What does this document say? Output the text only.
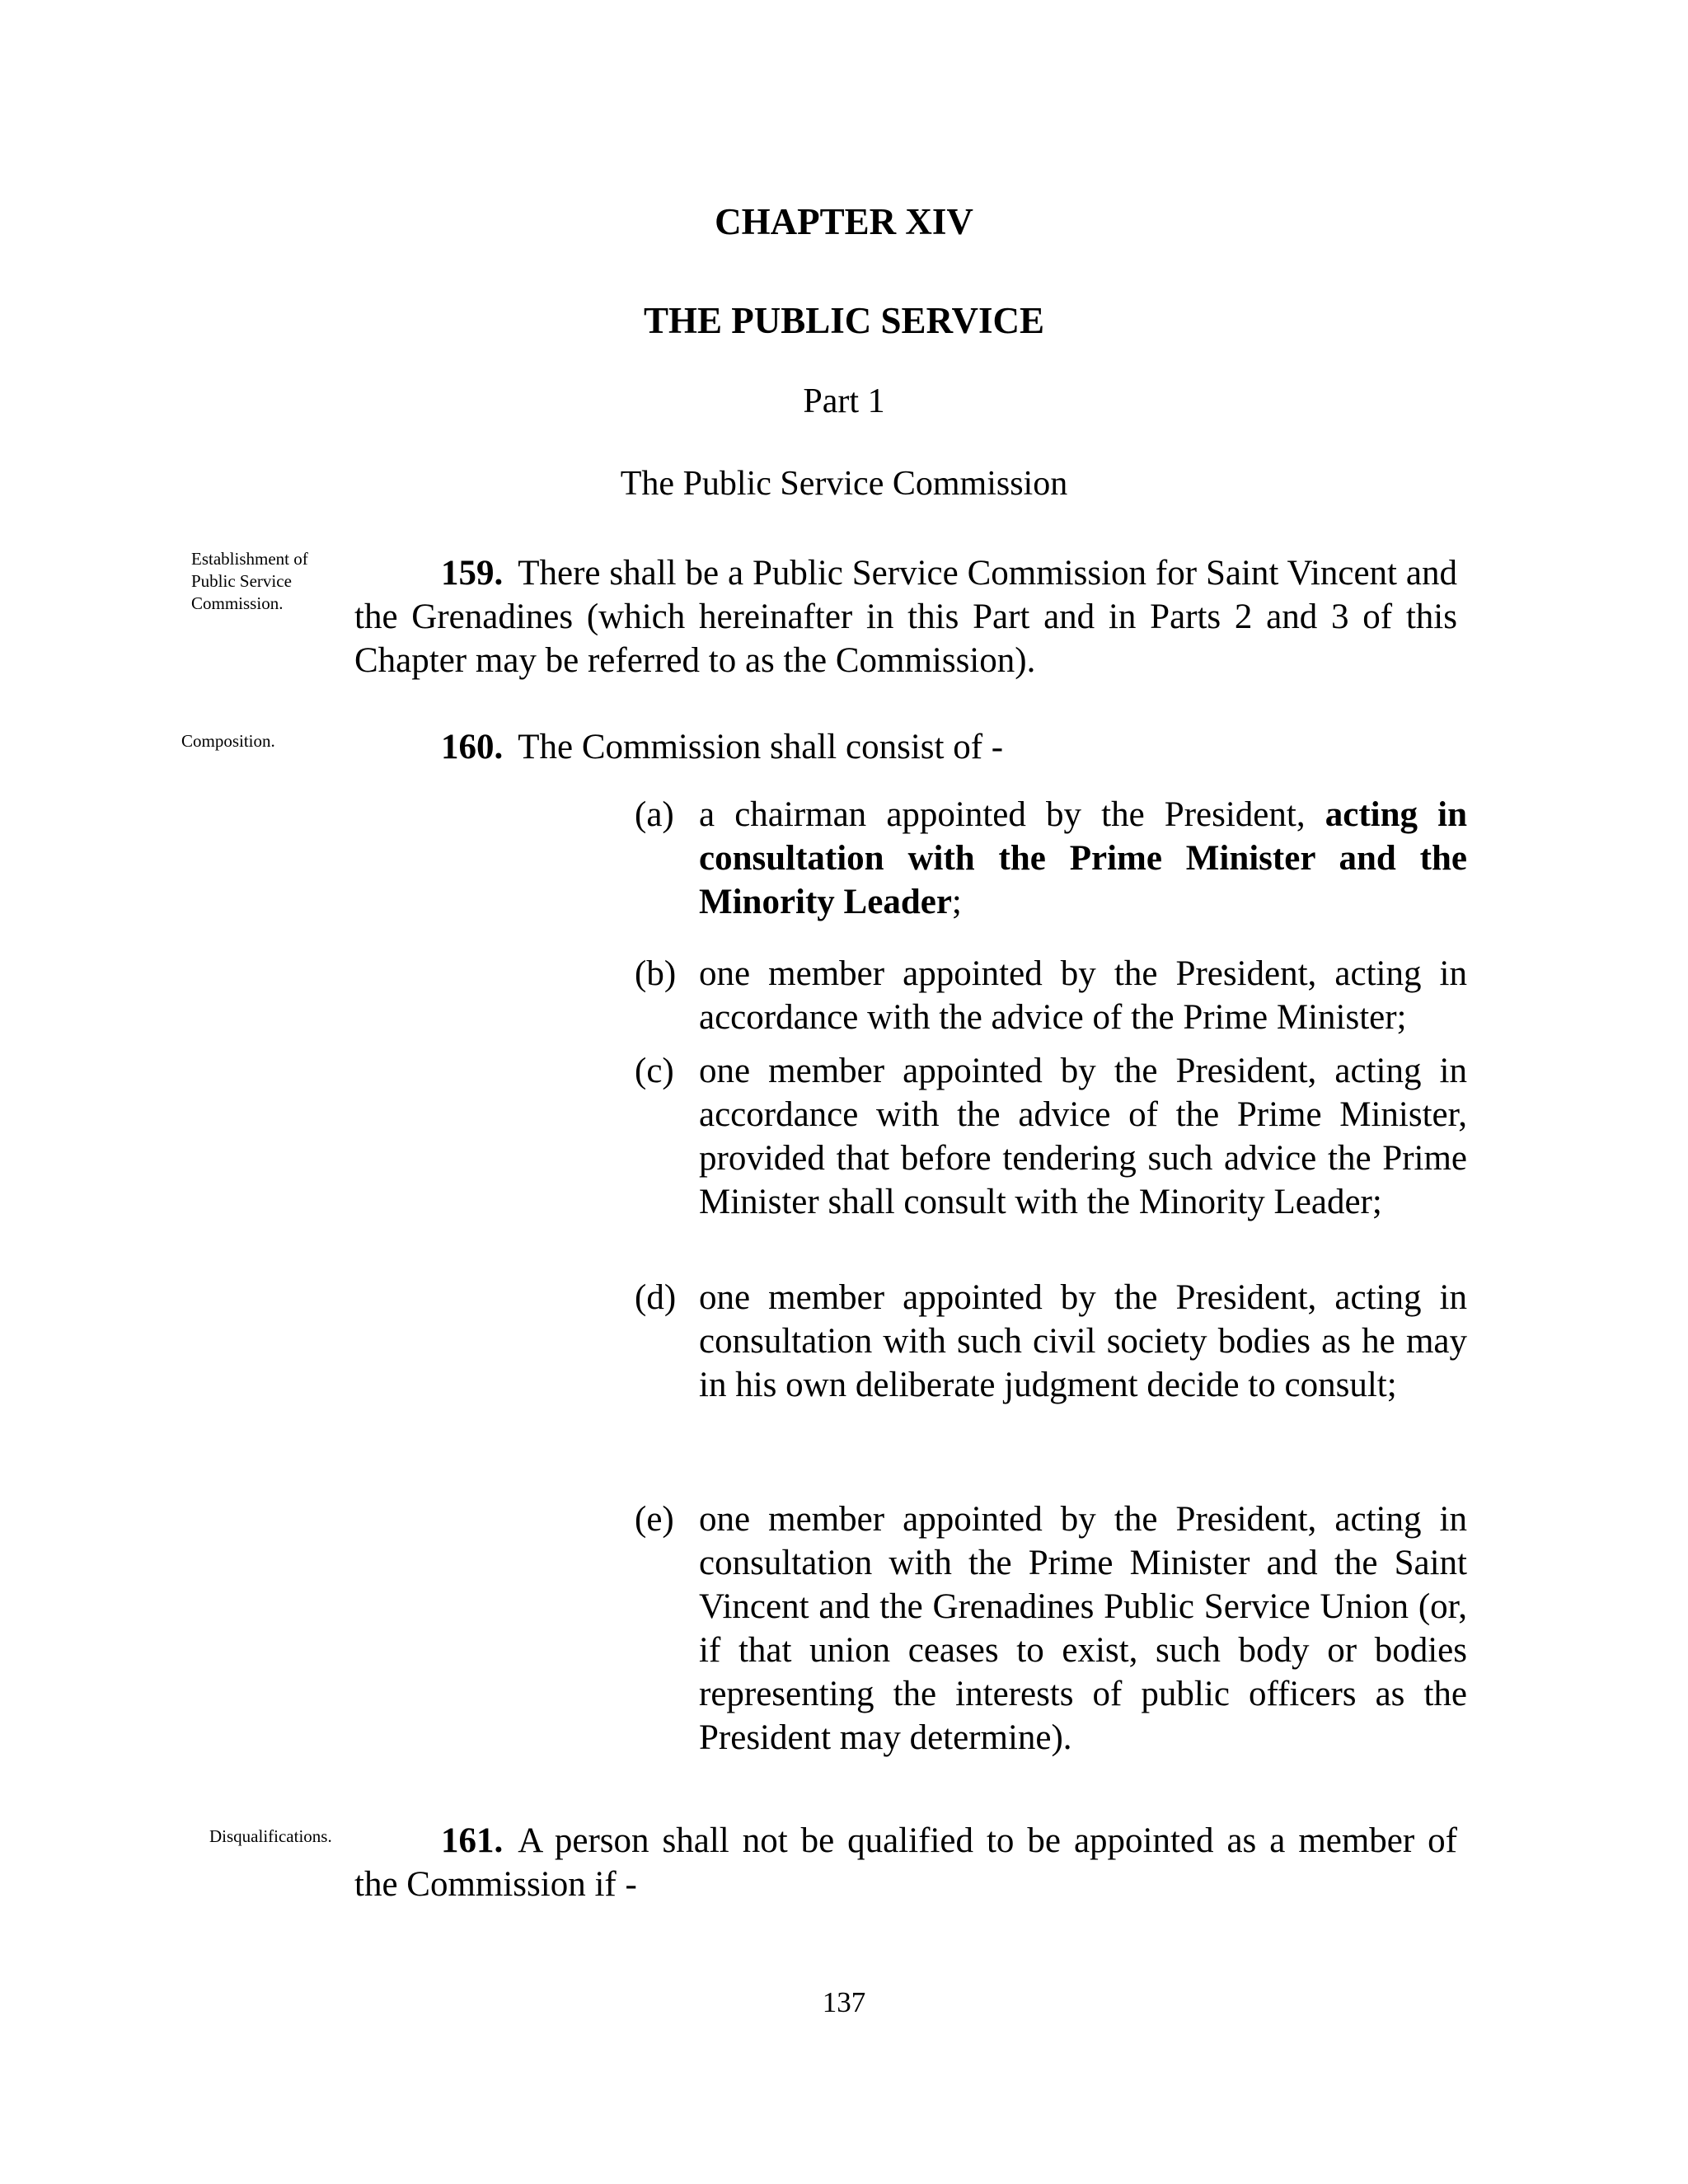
CHAPTER XIV
THE PUBLIC SERVICE
Part 1
The Public Service Commission
Establishment of Public Service Commission.
159. There shall be a Public Service Commission for Saint Vincent and the Grenadines (which hereinafter in this Part and in Parts 2 and 3 of this Chapter may be referred to as the Commission).
Composition.	160. The Commission shall consist of -
(a) a chairman appointed by the President, acting in consultation with the Prime Minister and the Minority Leader;
(b) one member appointed by the President, acting in accordance with the advice of the Prime Minister;
(c) one member appointed by the President, acting in accordance with the advice of the Prime Minister, provided that before tendering such advice the Prime Minister shall consult with the Minority Leader;
(d) one member appointed by the President, acting in consultation with such civil society bodies as he may in his own deliberate judgment decide to consult;
(e) one member appointed by the President, acting in consultation with the Prime Minister and the Saint Vincent and the Grenadines Public Service Union (or, if that union ceases to exist, such body or bodies representing the interests of public officers as the President may determine).
Disqualifications.	161. A person shall not be qualified to be appointed as a member of the Commission if -
137
